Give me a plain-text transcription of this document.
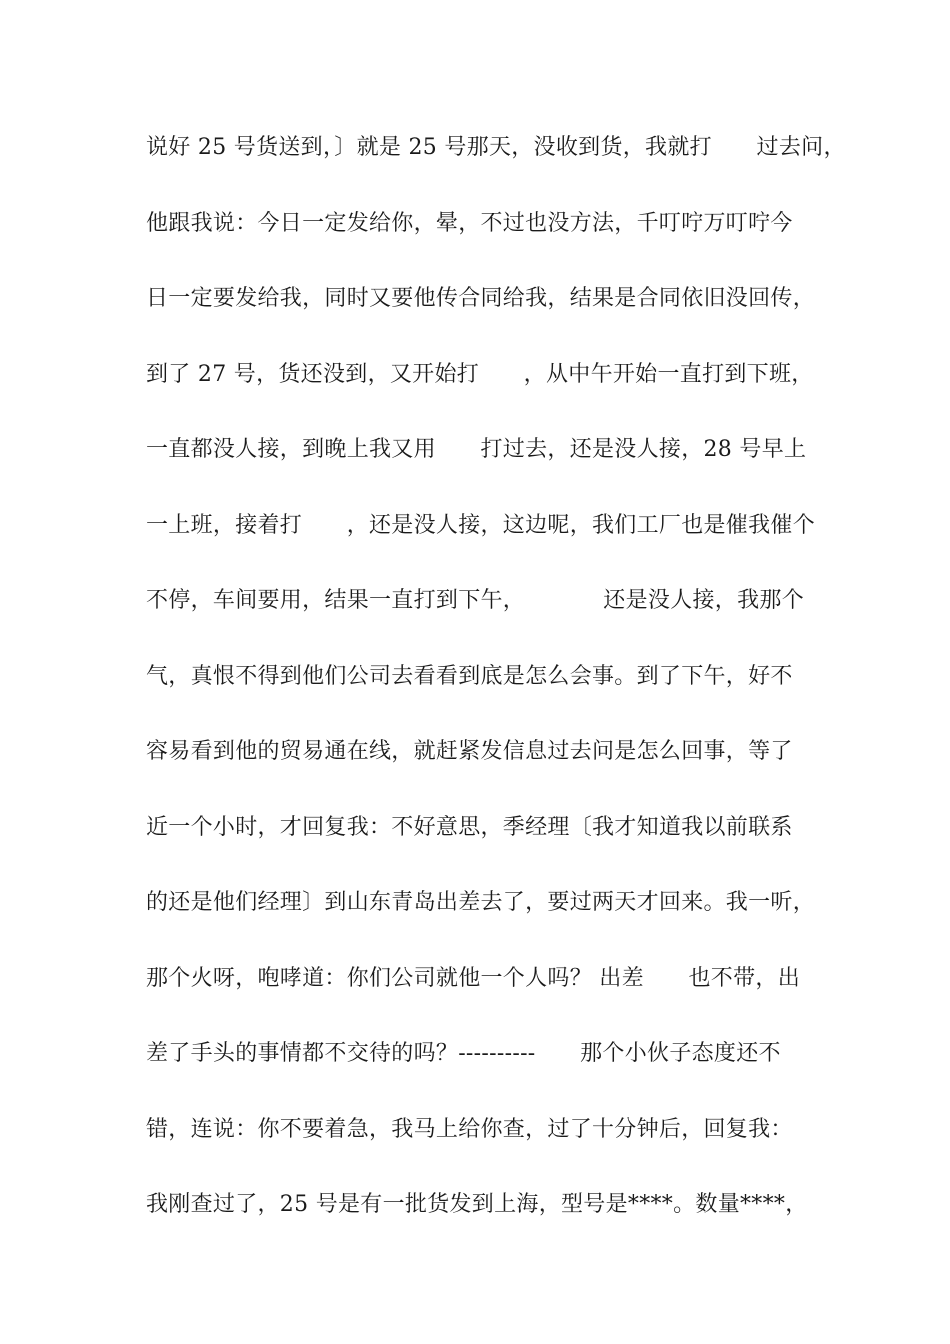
说好 25 号货送到，〕就是 25 号那天，没收到货，我就打　　过去问，
他跟我说：今日一定发给你，晕，不过也没方法，千叮咛万叮咛今
日一定要发给我，同时又要他传合同给我，结果是合同依旧没回传，
到了 27 号，货还没到，又开始打　　，从中午开始一直打到下班，
一直都没人接，到晚上我又用　　打过去，还是没人接，28 号早上
一上班，接着打　　，还是没人接，这边呢，我们工厂也是催我催个
不停，车间要用，结果一直打到下午，　　　　还是没人接，我那个
气，真恨不得到他们公司去看看到底是怎么会事。到了下午，好不
容易看到他的贸易通在线，就赶紧发信息过去问是怎么回事，等了
近一个小时，才回复我：不好意思，季经理〔我才知道我以前联系
的还是他们经理〕到山东青岛出差去了，要过两天才回来。我一听，
那个火呀，咆哮道：你们公司就他一个人吗？ 出差　　也不带，出
差了手头的事情都不交待的吗？----------　　那个小伙子态度还不
错，连说：你不要着急，我马上给你查，过了十分钟后，回复我：
我刚查过了，25 号是有一批货发到上海，型号是****。数量****，
